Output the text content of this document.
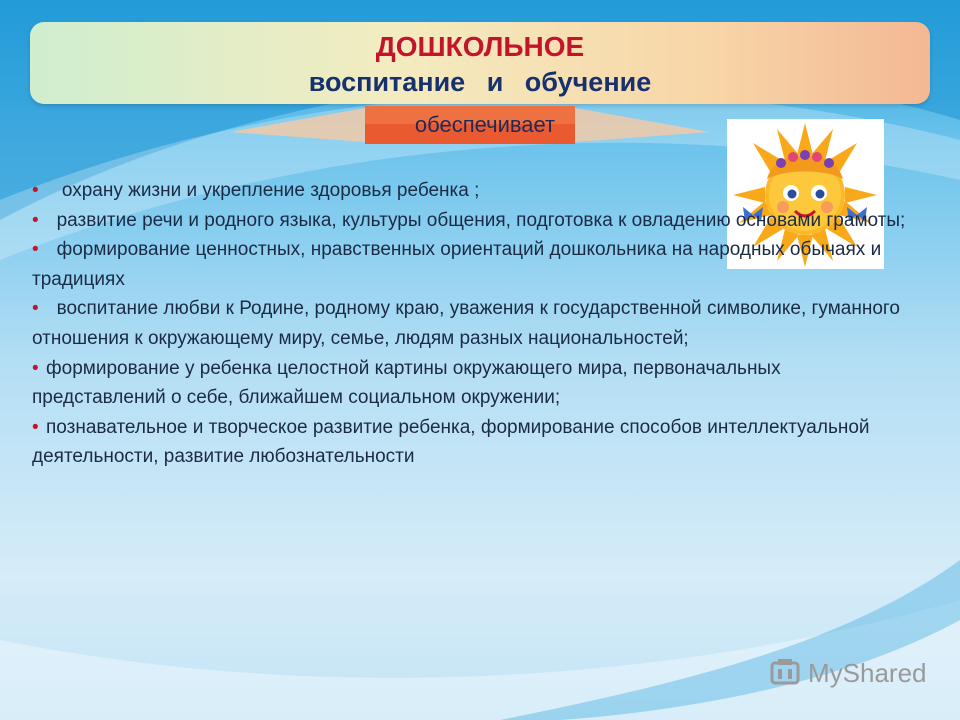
ДОШКОЛЬНОЕ
воспитание и обучение
обеспечивает

• охрану жизни и укрепление здоровья ребенка ;

• развитие речи и родного языка, культуры общения, подготовка к овладению основами грамоты;

• формирование ценностных, нравственных ориентаций дошкольника на народных обычаях и традициях

• воспитание любви к Родине, родному краю, уважения к государственной символике, гуманного отношения к окружающему миру, семье, людям разных национальностей;

• формирование у ребенка целостной картины окружающего мира, первоначальных представлений о себе, ближайшем социальном окружении;

• познавательное и творческое развитие ребенка, формирование способов интеллектуальной деятельности, развитие любознательности

MyShared
